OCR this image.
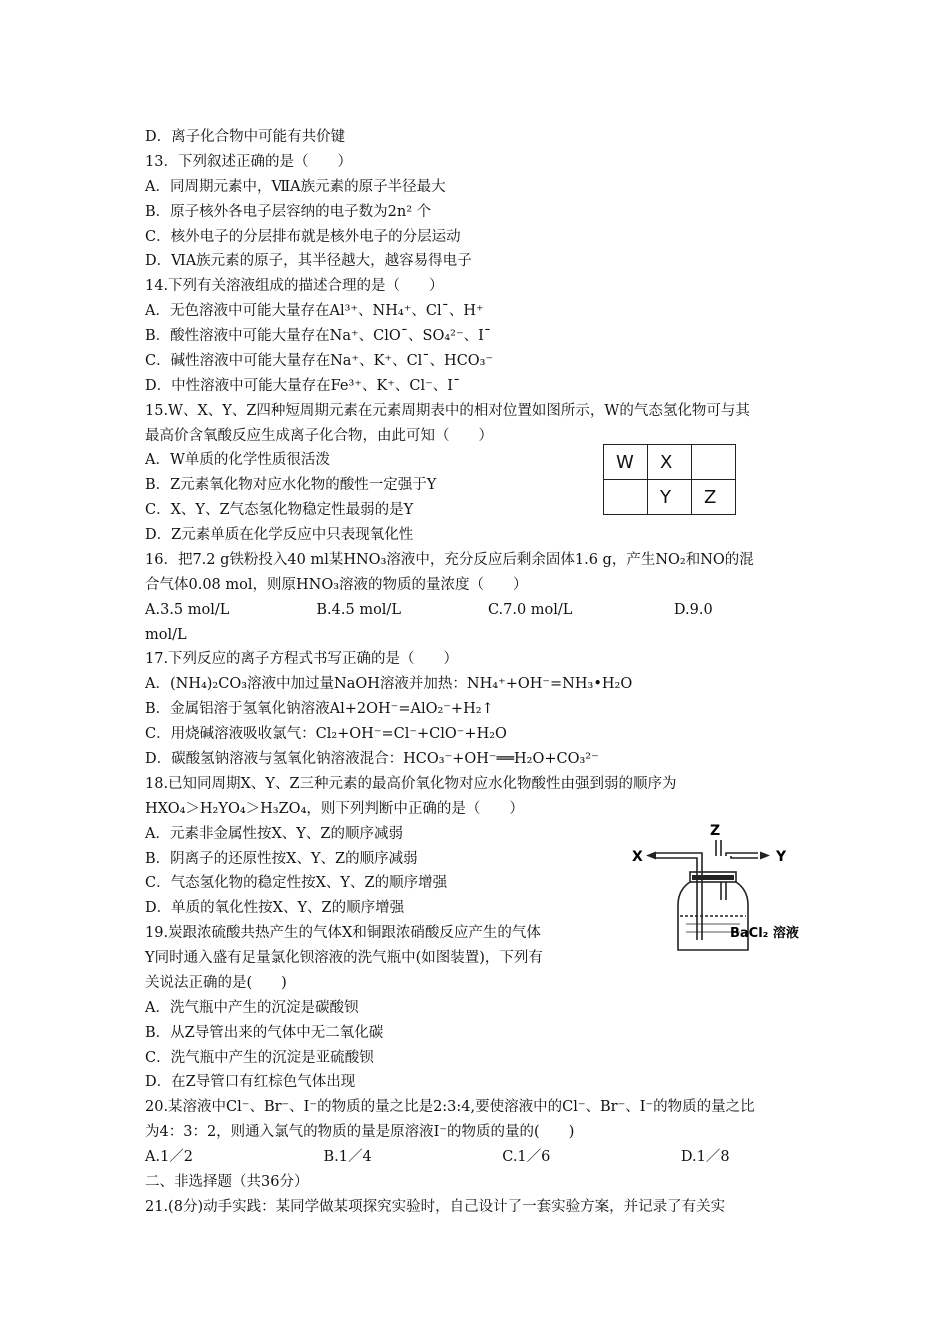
D．离子化合物中可能有共价键
13．下列叙述正确的是（　　）
A．同周期元素中，ⅦA族元素的原子半径最大
B．原子核外各电子层容纳的电子数为2n² 个
C．核外电子的分层排布就是核外电子的分层运动
D．ⅥA族元素的原子，其半径越大，越容易得电子
14.下列有关溶液组成的描述合理的是（　　）
A．无色溶液中可能大量存在Al³⁺、NH₄⁺、Cl¯、H⁺
B．酸性溶液中可能大量存在Na⁺、ClO¯、SO₄²⁻、I¯
C．碱性溶液中可能大量存在Na⁺、K⁺、Cl¯、HCO₃⁻
D．中性溶液中可能大量存在Fe³⁺、K⁺、Cl⁻、I¯
15.W、X、Y、Z四种短周期元素在元素周期表中的相对位置如图所示，W的气态氢化物可与其
最高价含氧酸反应生成离子化合物，由此可知（　　）
A．W单质的化学性质很活泼
B．Z元素氧化物对应水化物的酸性一定强于Y
C．X、Y、Z气态氢化物稳定性最弱的是Y
D．Z元素单质在化学反应中只表现氧化性
16．把7.2 g铁粉投入40 ml某HNO₃溶液中，充分反应后剩余固体1.6 g，产生NO₂和NO的混
合气体0.08 mol，则原HNO₃溶液的物质的量浓度（　　）
A.3.5 mol/L　　　　　　B.4.5 mol/L　　　　　　C.7.0 mol/L　　　　　　　D.9.0
mol/L
17.下列反应的离子方程式书写正确的是（　　）
A．(NH₄)₂CO₃溶液中加过量NaOH溶液并加热：NH₄⁺+OH⁻=NH₃•H₂O
B．金属铝溶于氢氧化钠溶液Al+2OH⁻=AlO₂⁻+H₂↑
C．用烧碱溶液吸收氯气：Cl₂+OH⁻=Cl⁻+ClO⁻+H₂O
D．碳酸氢钠溶液与氢氧化钠溶液混合：HCO₃⁻+OH⁻══H₂O+CO₃²⁻
18.已知同周期X、Y、Z三种元素的最高价氧化物对应水化物酸性由强到弱的顺序为
HXO₄＞H₂YO₄＞H₃ZO₄，则下列判断中正确的是（　　）
A．元素非金属性按X、Y、Z的顺序减弱
B．阴离子的还原性按X、Y、Z的顺序减弱
C．气态氢化物的稳定性按X、Y、Z的顺序增强
D．单质的氧化性按X、Y、Z的顺序增强
19.炭跟浓硫酸共热产生的气体X和铜跟浓硝酸反应产生的气体
Y同时通入盛有足量氯化钡溶液的洗气瓶中(如图装置)，下列有
关说法正确的是(　　)
A．洗气瓶中产生的沉淀是碳酸钡
B．从Z导管出来的气体中无二氧化碳
C．洗气瓶中产生的沉淀是亚硫酸钡
D．在Z导管口有红棕色气体出现
20.某溶液中Cl⁻、Br⁻、I⁻的物质的量之比是2:3:4,要使溶液中的Cl⁻、Br⁻、I⁻的物质的量之比
为4：3：2，则通入氯气的物质的量是原溶液I⁻的物质的量的(　　)
A.1／2　　　　　　　　　B.1／4　　　　　　　　　C.1／6　　　　　　　　　D.1／8
二、非选择题（共36分）
21.(8分)动手实践：某同学做某项探究实验时，自己设计了一套实验方案，并记录了有关实
W	X	
	Y	Z
X
Z
Y
BaCl₂ 溶液
